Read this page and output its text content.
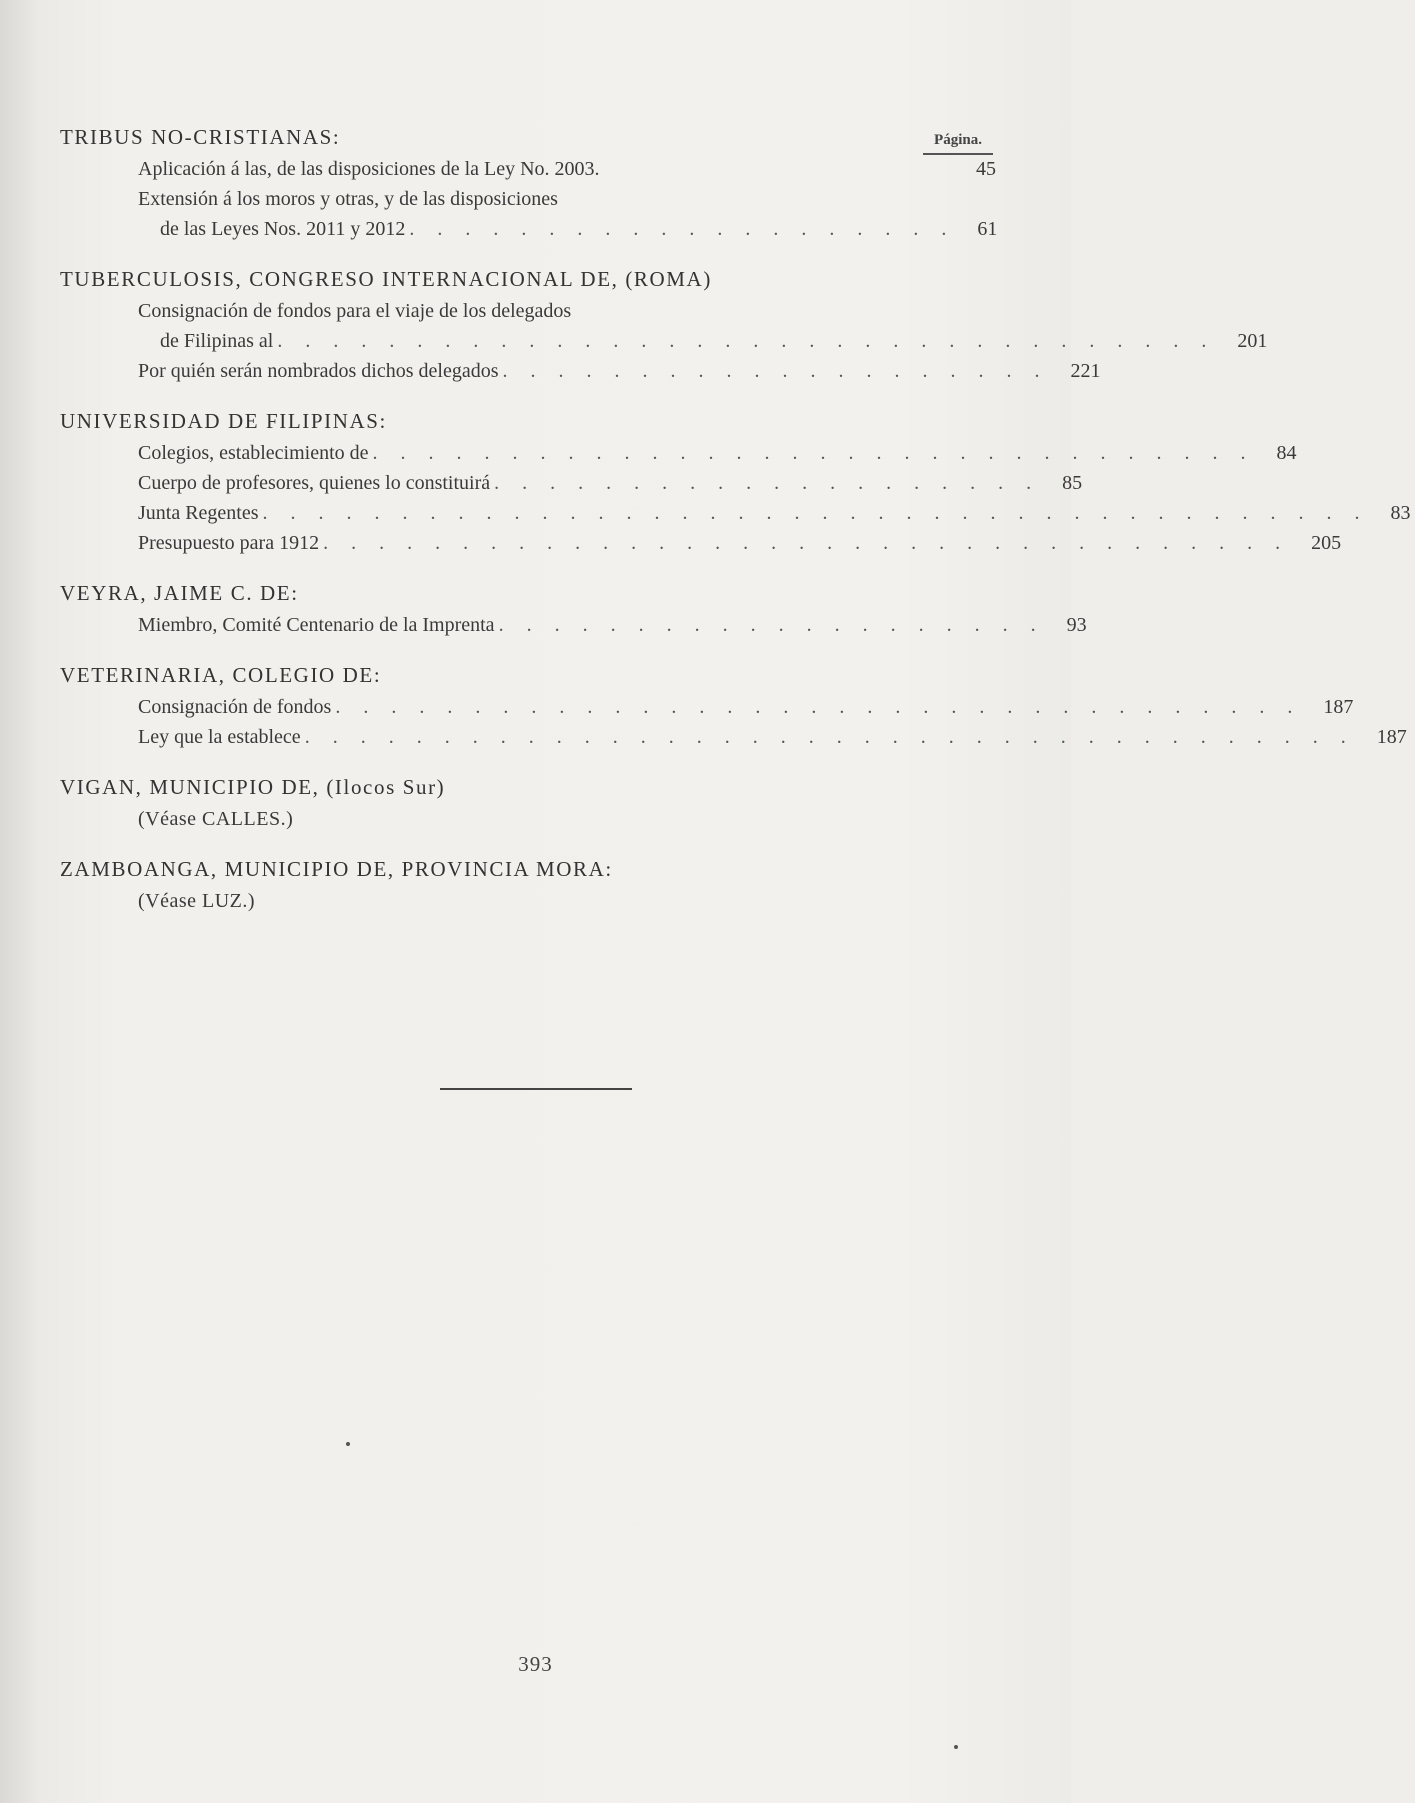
Página.
TRIBUS NO-CRISTIANAS:
Aplicación á las, de las disposiciones de la Ley No. 2003.	45
Extensión á los moros y otras, y de las disposiciones
de las Leyes Nos. 2011 y 2012 . . . . . . . . . . . . . . . . . . . .	61
TUBERCULOSIS, CONGRESO INTERNACIONAL DE, (ROMA)
Consignación de fondos para el viaje de los delegados
de Filipinas al . . . . . . . . . . . . . . . . . . . . . . . . . . . . . . . . . .	201
Por quién serán nombrados dichos delegados . . . . . . . . . . . . . . . . . . . .	221
UNIVERSIDAD DE FILIPINAS:
Colegios, establecimiento de . . . . . . . . . . . . . . . . . . . . . . . . . . . . . . . .	84
Cuerpo de profesores, quienes lo constituirá . . . . . . . . . . . . . . . . . . . .	85
Junta Regentes . . . . . . . . . . . . . . . . . . . . . . . . . . . . . . . . . . . . . . . .	83
Presupuesto para 1912 . . . . . . . . . . . . . . . . . . . . . . . . . . . . . . . . . . .	205
VEYRA, JAIME C. DE:
Miembro, Comité Centenario de la Imprenta . . . . . . . . . . . . . . . . . . . .	93
VETERINARIA, COLEGIO DE:
Consignación de fondos . . . . . . . . . . . . . . . . . . . . . . . . . . . . . . . . . . .	187
Ley que la establece . . . . . . . . . . . . . . . . . . . . . . . . . . . . . . . . . . . . . .	187
VIGAN, MUNICIPIO DE, (Ilocos Sur)
(Véase CALLES.)
ZAMBOANGA, MUNICIPIO DE, PROVINCIA MORA:
(Véase LUZ.)
393
